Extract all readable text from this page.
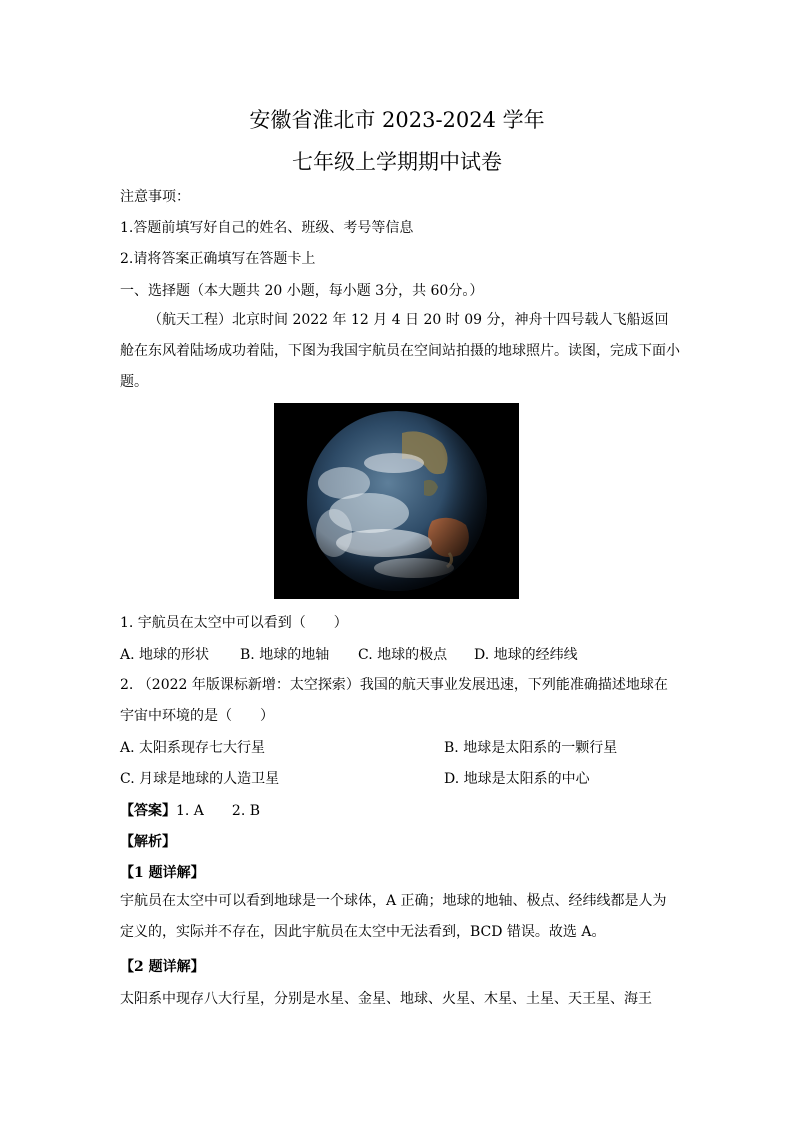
安徽省淮北市 2023-2024 学年
七年级上学期期中试卷
注意事项：
1.答题前填写好自己的姓名、班级、考号等信息
2.请将答案正确填写在答题卡上
一、选择题（本大题共 20 小题，每小题 3分，共 60分。）
（航天工程）北京时间 2022 年 12 月 4 日 20 时 09 分，神舟十四号载人飞船返回舱在东风着陆场成功着陆，下图为我国宇航员在空间站拍摄的地球照片。读图，完成下面小题。
1. 宇航员在太空中可以看到（　　）
A. 地球的形状 B. 地球的地轴 C. 地球的极点 D. 地球的经纬线
2. （2022 年版课标新增：太空探索）我国的航天事业发展迅速，下列能准确描述地球在宇宙中环境的是（　　）
A. 太阳系现存七大行星	B. 地球是太阳系的一颗行星
C. 月球是地球的人造卫星	D. 地球是太阳系的中心
【答案】1. A　　2. B
【解析】
【1 题详解】
宇航员在太空中可以看到地球是一个球体，A 正确；地球的地轴、极点、经纬线都是人为定义的，实际并不存在，因此宇航员在太空中无法看到，BCD 错误。故选 A。
【2 题详解】
太阳系中现存八大行星，分别是水星、金星、地球、火星、木星、土星、天王星、海王
